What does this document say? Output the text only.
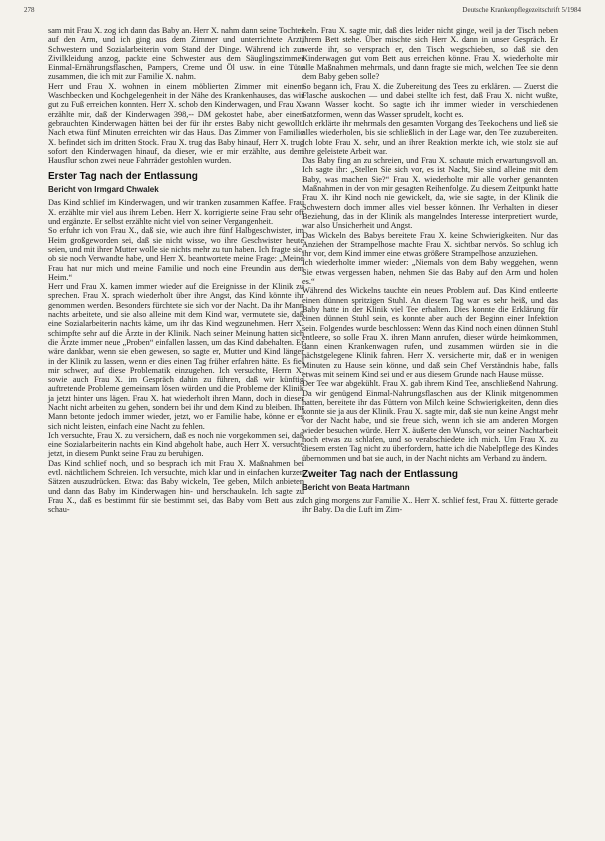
278	Deutsche Krankenpflegezeitschrift 5/1984

sam mit Frau X. zog ich dann das Baby an. Herr X. nahm dann seine Tochter auf den Arm, und ich ging aus dem Zimmer und unterrichtete Arzt, Schwestern und Sozialarbeiterin vom Stand der Dinge. Während ich zur Zivilkleidung anzog, packte eine Schwester aus dem Säuglingszimmer Einmal-Ernährungsflaschen, Pampers, Creme und Öl usw. in eine Tüte zusammen, die ich mit zur Familie X. nahm.

Herr und Frau X. wohnen in einem möblierten Zimmer mit einem Waschbecken und Kochgelegenheit in der Nähe des Krankenhauses, das wir gut zu Fuß erreichen konnten. Herr X. schob den Kinderwagen, und Frau X. erzählte mir, daß der Kinderwagen 398,-- DM gekostet habe, aber einen gebrauchten Kinderwagen hätten bei der für ihr erstes Baby nicht gewollt. Nach etwa fünf Minuten erreichten wir das Haus. Das Zimmer von Familie X. befindet sich im dritten Stock. Frau X. trug das Baby hinauf, Herr X. trug sofort den Kinderwagen hinauf, da dieser, wie er mir erzählte, aus dem Hausflur schon zwei neue Fahrräder gestohlen wurden.

Erster Tag nach der Entlassung
Bericht von Irmgard Chwalek

Das Kind schlief im Kinderwagen, und wir tranken zusammen Kaffee. Frau X. erzählte mir viel aus ihrem Leben. Herr X. korrigierte seine Frau sehr oft und ergänzte. Er selbst erzählte nicht viel von seiner Vergangenheit.

So erfuhr ich von Frau X., daß sie, wie auch ihre fünf Halbgeschwister, im Heim großgeworden sei, daß sie nicht wisse, wo ihre Geschwister heute seien, und mit ihrer Mutter wolle sie nichts mehr zu tun haben. Ich fragte sie, ob sie noch Verwandte habe, und Herr X. beantwortete meine Frage: „Meine Frau hat nur mich und meine Familie und noch eine Freundin aus dem Heim.“

Herr und Frau X. kamen immer wieder auf die Ereignisse in der Klinik zu sprechen. Frau X. sprach wiederholt über ihre Angst, das Kind könnte ihr genommen werden. Besonders fürchtete sie sich vor der Nacht. Da ihr Mann nachts arbeitete, und sie also alleine mit dem Kind war, vermutete sie, daß eine Sozialarbeiterin nachts käme, um ihr das Kind wegzunehmen. Herr X. schimpfte sehr auf die Ärzte in der Klinik. Nach seiner Meinung hatten sich die Ärzte immer neue „Proben“ einfallen lassen, um das Kind dabehalten. Er wäre dankbar, wenn sie eben gewesen, so sagte er, Mutter und Kind länger in der Klinik zu lassen, wenn er dies einen Tag früher erfahren hätte. Es fiel mir schwer, auf diese Problematik einzugehen. Ich versuchte, Herrn X. sowie auch Frau X. im Gespräch dahin zu führen, daß wir künftig auftretende Probleme gemeinsam lösen würden und die Probleme der Klinik ja jetzt hinter uns lägen. Frau X. hat wiederholt ihren Mann, doch in dieser Nacht nicht arbeiten zu gehen, sondern bei ihr und dem Kind zu bleiben. Ihr Mann betonte jedoch immer wieder, jetzt, wo er Familie habe, könne er es sich nicht leisten, einfach eine Nacht zu fehlen.

Ich versuchte, Frau X. zu versichern, daß es noch nie vorgekommen sei, daß eine Sozialarbeiterin nachts ein Kind abgeholt habe, auch Herr X. versuchte jetzt, in diesem Punkt seine Frau zu beruhigen.

Das Kind schlief noch, und so besprach ich mit Frau X. Maßnahmen bei evtl. nächtlichem Schreien. Ich versuchte, mich klar und in einfachen kurzen Sätzen auszudrücken. Etwa: das Baby wickeln, Tee geben, Milch anbieten und dann das Baby im Kinderwagen hin- und herschaukeln. Ich sagte zu Frau X., daß es bestimmt für sie bestimmt sei, das Baby vom Bett aus zu schau-

keln. Frau X. sagte mir, daß dies leider nicht ginge, weil ja der Tisch neben ihrem Bett stehe. Über mischte sich Herr X. dann in unser Gespräch. Er werde ihr, so versprach er, den Tisch wegschieben, so daß sie den Kinderwagen gut vom Bett aus erreichen könne. Frau X. wiederholte mir alle Maßnahmen mehrmals, und dann fragte sie mich, welchen Tee sie denn dem Baby geben solle?

So begann ich, Frau X. die Zubereitung des Tees zu erklären. — Zuerst die Flasche auskochen — und dabei stellte ich fest, daß Frau X. nicht wußte, wann Wasser kocht. So sagte ich ihr immer wieder in verschiedenen Satzformen, wenn das Wasser sprudelt, kocht es.

Ich erklärte ihr mehrmals den gesamten Vorgang des Teekochens und ließ sie alles wiederholen, bis sie schließlich in der Lage war, den Tee zuzubereiten. Ich lobte Frau X. sehr, und an ihrer Reaktion merkte ich, wie stolz sie auf ihre geleistete Arbeit war.

Das Baby fing an zu schreien, und Frau X. schaute mich erwartungsvoll an. Ich sagte ihr: „Stellen Sie sich vor, es ist Nacht, Sie sind alleine mit dem Baby, was machen Sie?“ Frau X. wiederholte mir alle vorher genannten Maßnahmen in der von mir gesagten Reihenfolge. Zu diesem Zeitpunkt hatte Frau X. ihr Kind noch nie gewickelt, da, wie sie sagte, in der Klinik die Schwestern doch immer alles viel besser können. Ihr Verhalten in dieser Beziehung, das in der Klinik als mangelndes Interesse interpretiert wurde, war also Unsicherheit und Angst.

Das Wickeln des Babys bereitete Frau X. keine Schwierigkeiten. Nur das Anziehen der Strampelhose machte Frau X. sichtbar nervös. So schlug ich ihr vor, dem Kind immer eine etwas größere Strampelhose anzuziehen.

Ich wiederholte immer wieder: „Niemals von dem Baby weggehen, wenn Sie etwas vergessen haben, nehmen Sie das Baby auf den Arm und holen es.“

Während des Wickelns tauchte ein neues Problem auf. Das Kind entleerte einen dünnen spritzigen Stuhl. An diesem Tag war es sehr heiß, und das Baby hatte in der Klinik viel Tee erhalten. Dies konnte die Erklärung für einen dünnen Stuhl sein, es konnte aber auch der Beginn einer Infektion sein. Folgendes wurde beschlossen: Wenn das Kind noch einen dünnen Stuhl entleere, so solle Frau X. ihren Mann anrufen, dieser würde heimkommen, dann einen Krankenwagen rufen, und zusammen würden sie in die nächstgelegene Klinik fahren. Herr X. versicherte mir, daß er in wenigen Minuten zu Hause sein könne, und daß sein Chef Verständnis habe, falls etwas mit seinem Kind sei und er aus diesem Grunde nach Hause müsse.

Der Tee war abgekühlt. Frau X. gab ihrem Kind Tee, anschließend Nahrung. Da wir genügend Einmal-Nahrungsflaschen aus der Klinik mitgenommen hatten, bereitete ihr das Füttern von Milch keine Schwierigkeiten, denn dies konnte sie ja aus der Klinik. Frau X. sagte mir, daß sie nun keine Angst mehr vor der Nacht habe, und sie freue sich, wenn ich sie am anderen Morgen wieder besuchen würde. Herr X. äußerte den Wunsch, vor seiner Nachtarbeit noch etwas zu schlafen, und so verabschiedete ich mich. Um Frau X. zu diesem ersten Tag nicht zu überfordern, hatte ich die Nabelpflege des Kindes übernommen und bat sie auch, in der Nacht nichts am Verband zu ändern.

Zweiter Tag nach der Entlassung
Bericht von Beata Hartmann

Ich ging morgens zur Familie X.. Herr X. schlief fest, Frau X. fütterte gerade ihr Baby. Da die Luft im Zim-
